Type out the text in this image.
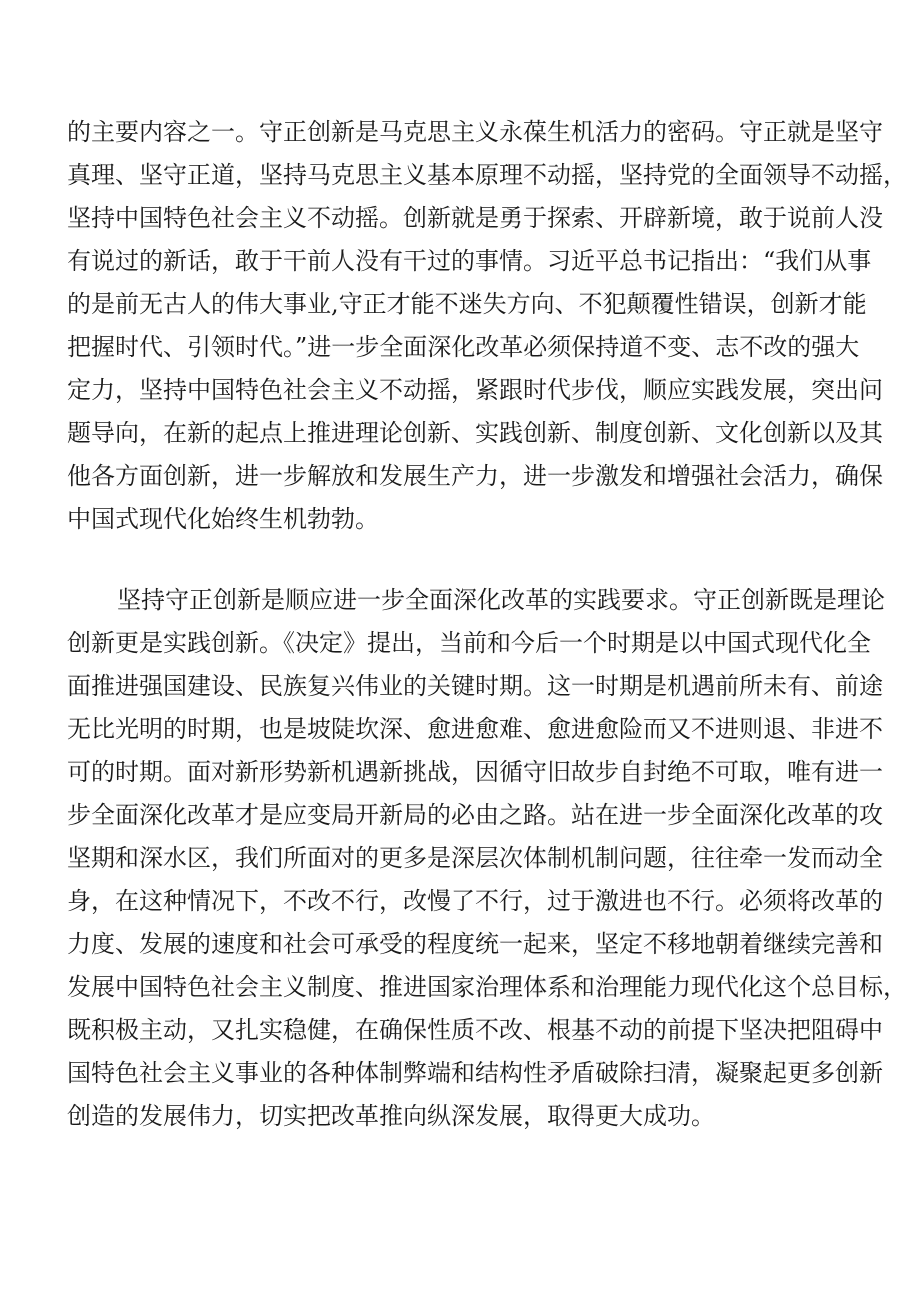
的主要内容之一。守正创新是马克思主义永葆生机活力的密码。守正就是坚守
真理、坚守正道，坚持马克思主义基本原理不动摇，坚持党的全面领导不动摇，
坚持中国特色社会主义不动摇。创新就是勇于探索、开辟新境，敢于说前人没
有说过的新话，敢于干前人没有干过的事情。习近平总书记指出：“我们从事
的是前无古人的伟大事业,守正才能不迷失方向、不犯颠覆性错误，创新才能
把握时代、引领时代。”进一步全面深化改革必须保持道不变、志不改的强大
定力，坚持中国特色社会主义不动摇，紧跟时代步伐，顺应实践发展，突出问
题导向，在新的起点上推进理论创新、实践创新、制度创新、文化创新以及其
他各方面创新，进一步解放和发展生产力，进一步激发和增强社会活力，确保
中国式现代化始终生机勃勃。
坚持守正创新是顺应进一步全面深化改革的实践要求。守正创新既是理论
创新更是实践创新。《决定》提出，当前和今后一个时期是以中国式现代化全
面推进强国建设、民族复兴伟业的关键时期。这一时期是机遇前所未有、前途
无比光明的时期，也是坡陡坎深、愈进愈难、愈进愈险而又不进则退、非进不
可的时期。面对新形势新机遇新挑战，因循守旧故步自封绝不可取，唯有进一
步全面深化改革才是应变局开新局的必由之路。站在进一步全面深化改革的攻
坚期和深水区，我们所面对的更多是深层次体制机制问题，往往牵一发而动全
身，在这种情况下，不改不行，改慢了不行，过于激进也不行。必须将改革的
力度、发展的速度和社会可承受的程度统一起来，坚定不移地朝着继续完善和
发展中国特色社会主义制度、推进国家治理体系和治理能力现代化这个总目标，
既积极主动，又扎实稳健，在确保性质不改、根基不动的前提下坚决把阻碍中
国特色社会主义事业的各种体制弊端和结构性矛盾破除扫清，凝聚起更多创新
创造的发展伟力，切实把改革推向纵深发展，取得更大成功。
